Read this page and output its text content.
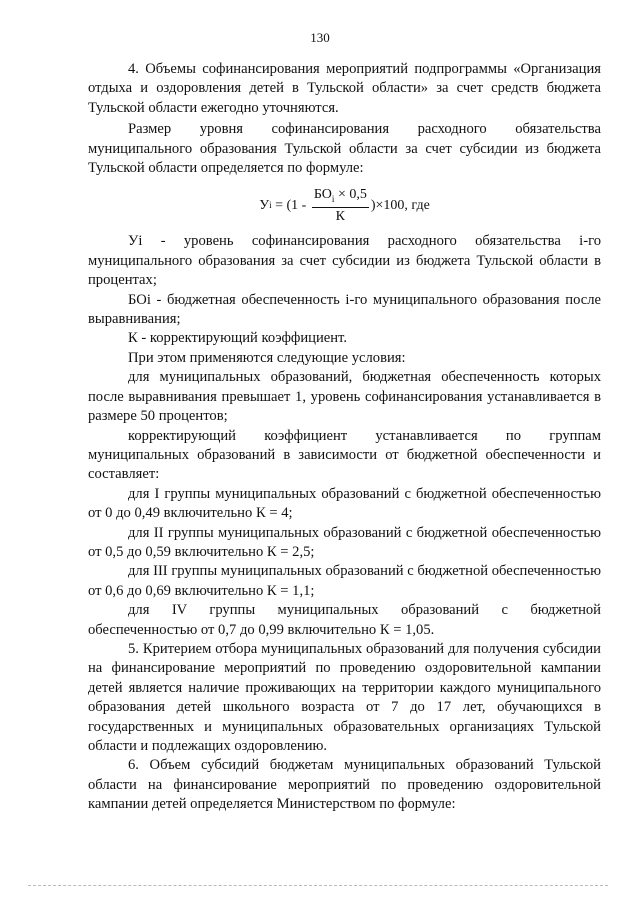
130

4. Объемы софинансирования мероприятий подпрограммы «Организация отдыха и оздоровления детей в Тульской области» за счет средств бюджета Тульской области ежегодно уточняются.

Размер уровня софинансирования расходного обязательства муниципального образования Тульской области за счет субсидии из бюджета Тульской области определяется по формуле:

У $i = (1 - \frac{БО_i \times 0,5}{К} )\times 100$, где

Уi - уровень софинансирования расходного обязательства i-го муниципального образования за счет субсидии из бюджета Тульской области в процентах;

БОi - бюджетная обеспеченность i-го муниципального образования после выравнивания;

К - корректирующий коэффициент.

При этом применяются следующие условия:

для муниципальных образований, бюджетная обеспеченность которых после выравнивания превышает 1, уровень софинансирования устанавливается в размере 50 процентов;

корректирующий коэффициент устанавливается по группам муниципальных образований в зависимости от бюджетной обеспеченности и составляет:

для I группы муниципальных образований с бюджетной обеспеченностью от 0 до 0,49 включительно К = 4;

для II группы муниципальных образований с бюджетной обеспеченностью от 0,5 до 0,59 включительно К = 2,5;

для III группы муниципальных образований с бюджетной обеспеченностью от 0,6 до 0,69 включительно К = 1,1;

для IV группы муниципальных образований с бюджетной обеспеченностью от 0,7 до 0,99 включительно К = 1,05.

5. Критерием отбора муниципальных образований для получения субсидии на финансирование мероприятий по проведению оздоровительной кампании детей является наличие проживающих на территории каждого муниципального образования детей школьного возраста от 7 до 17 лет, обучающихся в государственных и муниципальных образовательных организациях Тульской области и подлежащих оздоровлению.

6. Объем субсидий бюджетам муниципальных образований Тульской области на финансирование мероприятий по проведению оздоровительной кампании детей определяется Министерством по формуле:
